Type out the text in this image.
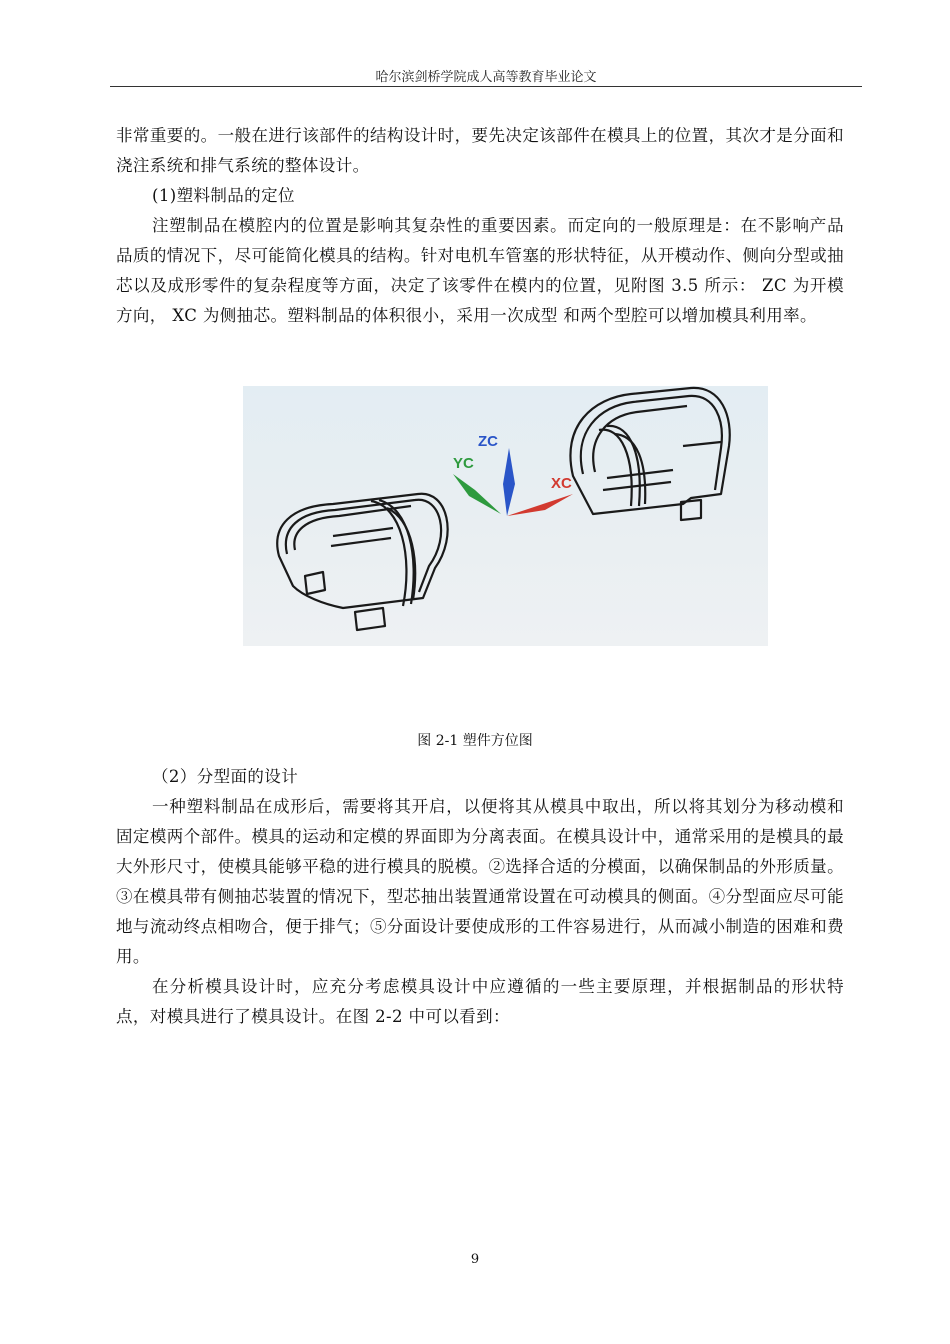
哈尔滨剑桥学院成人高等教育毕业论文

非常重要的。一般在进行该部件的结构设计时，要先决定该部件在模具上的位置，其次才是分面和浇注系统和排气系统的整体设计。

(1)塑料制品的定位

注塑制品在模腔内的位置是影响其复杂性的重要因素。而定向的一般原理是：在不影响产品品质的情况下，尽可能简化模具的结构。针对电机车管塞的形状特征，从开模动作、侧向分型或抽芯以及成形零件的复杂程度等方面，决定了该零件在模内的位置，见附图 3.5 所示： ZC 为开模方向， XC 为侧抽芯。塑料制品的体积很小，采用一次成型 和两个型腔可以增加模具利用率。

ZC
YC
XC
图 2-1 塑件方位图

（2）分型面的设计

一种塑料制品在成形后，需要将其开启，以便将其从模具中取出，所以将其划分为移动模和固定模两个部件。模具的运动和定模的界面即为分离表面。在模具设计中，通常采用的是模具的最大外形尺寸，使模具能够平稳的进行模具的脱模。②选择合适的分模面，以确保制品的外形质量。③在模具带有侧抽芯装置的情况下，型芯抽出装置通常设置在可动模具的侧面。④分型面应尽可能地与流动终点相吻合，便于排气；⑤分面设计要使成形的工件容易进行，从而减小制造的困难和费用。

在分析模具设计时，应充分考虑模具设计中应遵循的一些主要原理，并根据制品的形状特点，对模具进行了模具设计。在图 2-2 中可以看到：

9
